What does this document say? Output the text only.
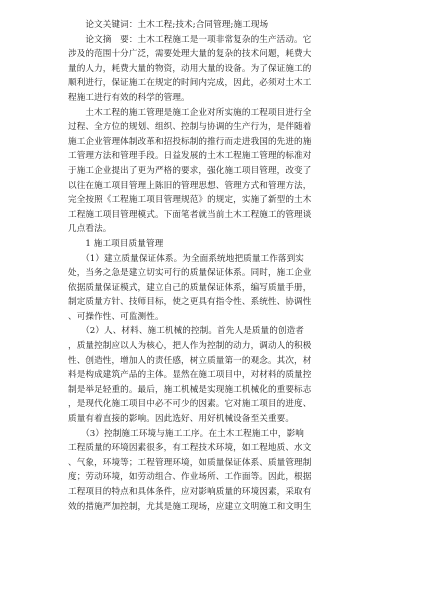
　　论文关键词：土木工程;技术;合同管理;施工现场
　　论文摘　要：土木工程施工是一项非常复杂的生产活动。它
涉及的范围十分广泛，需要处理大量的复杂的技术问题，耗费大
量的人力，耗费大量的物资，动用大量的设备。为了保证施工的
顺利进行，保证施工在规定的时间内完成，因此，必须对土木工
程施工进行有效的科学的管理。
　　土木工程的施工管理是施工企业对所实施的工程项目进行全
过程、全方位的规划、组织、控制与协调的生产行为，是伴随着
施工企业管理体制改革和招投标制的推行而走进我国的先进的施
工管理方法和管理手段。日益发展的土木工程施工管理的标准对
于施工企业提出了更为严格的要求，强化施工项目管理，改变了
以往在施工项目管理上陈旧的管理思想、管理方式和管理方法，
完全按照《工程施工项目管理规范》的规定，实施了新型的土木
工程施工项目管理模式。下面笔者就当前土木工程施工的管理谈
几点看法。
　　1 施工项目质量管理
　　（1）建立质量保证体系。为全面系统地把质量工作落到实
处，当务之急是建立切实可行的质量保证体系。同时，施工企业
依据质量保证模式，建立自己的质量保证体系，编写质量手册，
制定质量方针、技师目标，使之更具有指令性、系统性、协调性
、可操作性、可监测性。
　　（2）人、材料、施工机械的控制。首先人是质量的创造者
，质量控制应以人为核心，把人作为控制的动力，调动人的积极
性、创造性，增加人的责任感，树立质量第一的观念。其次，材
料是构成建筑产品的主体。显然在施工项目中，对材料的质量控
制是举足轻重的。最后，施工机械是实现施工机械化的重要标志
，是现代化施工项目中必不可少的因素。它对施工项目的进度、
质量有着直接的影响。因此选好、用好机械设备至关重要。
　　（3）控制施工环境与施工工序。在土木工程施工中，影响
工程质量的环境因素很多，有工程技术环境，如工程地质、水文
、气象，环境等；工程管理环境，如质量保证体系、质量管理制
度；劳动环境，如劳动组合、作业场所、工作面等。因此，根据
工程项目的特点和具体条件，应对影响质量的环境因素，采取有
效的措施严加控制，尤其是施工现场，应建立文明施工和文明生
